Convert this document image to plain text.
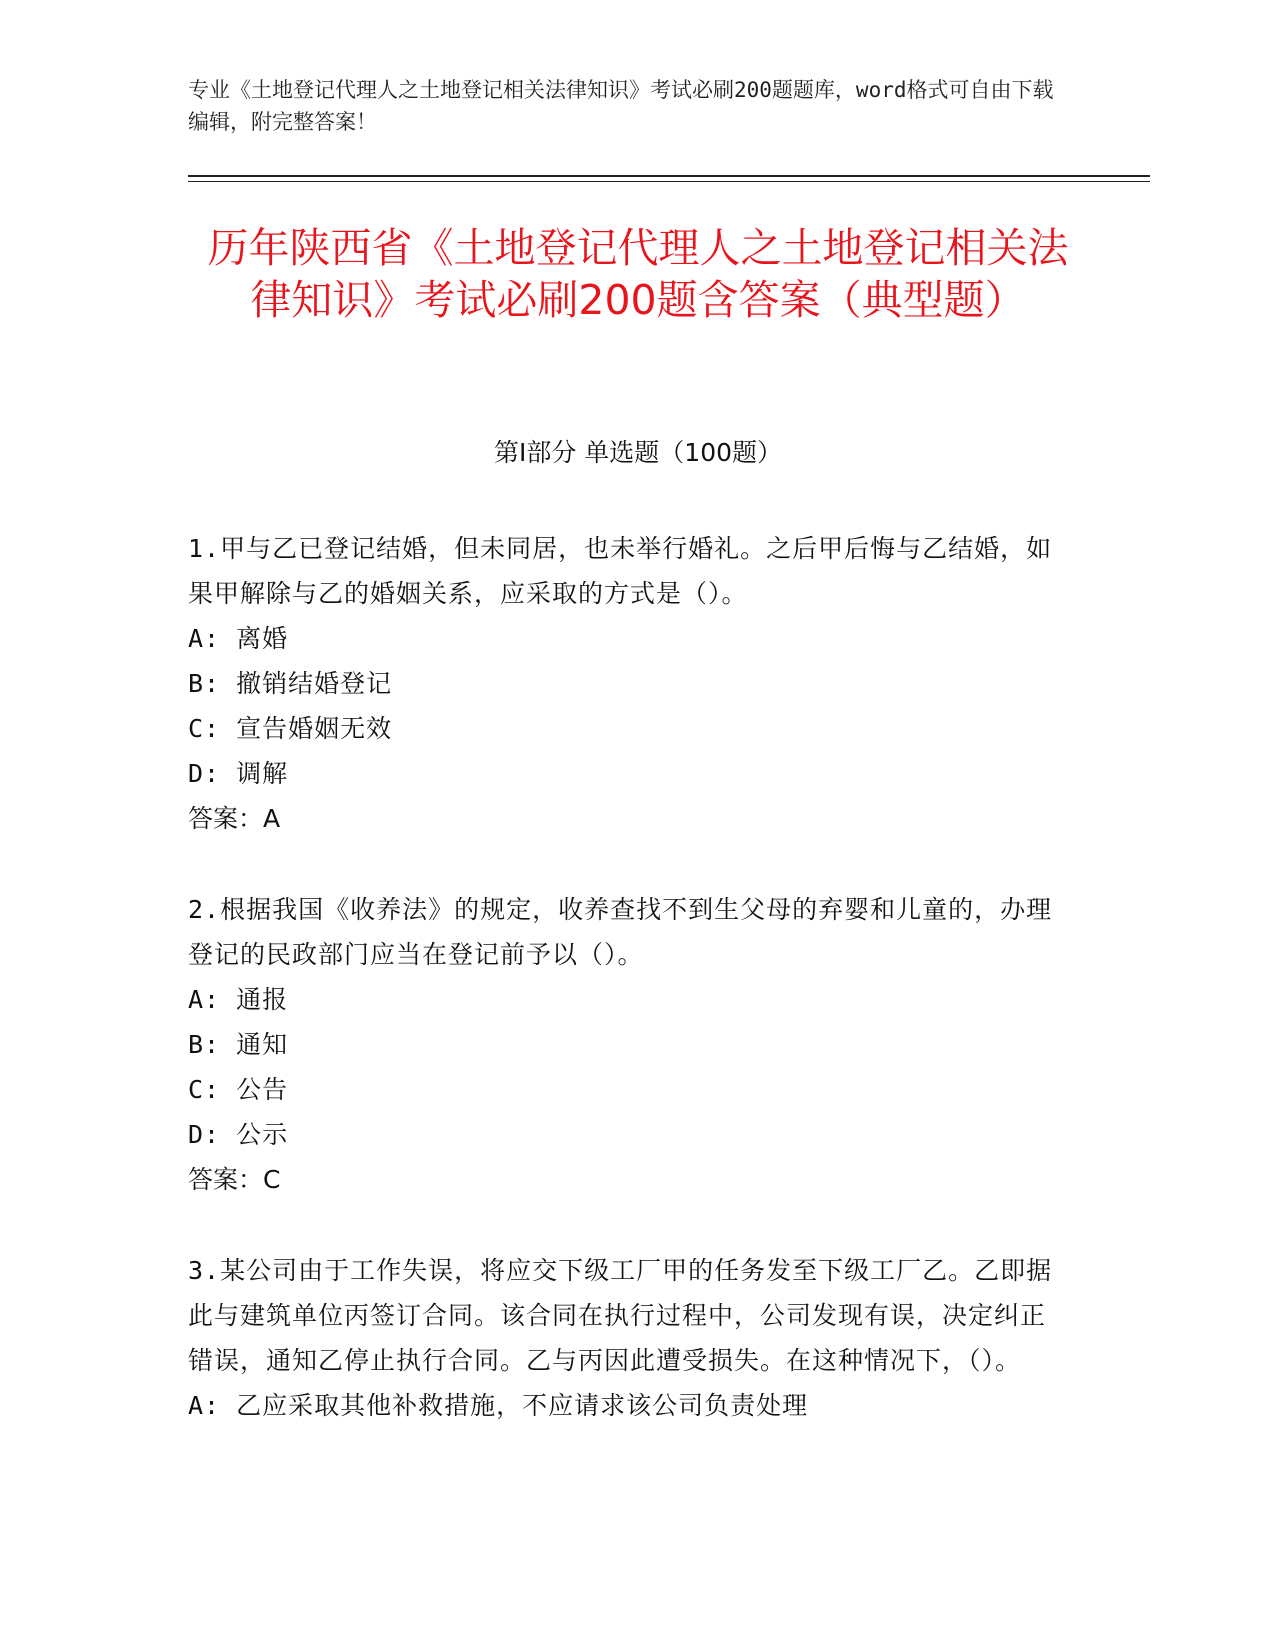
专业《土地登记代理人之土地登记相关法律知识》考试必刷200题题库，word格式可自由下载编辑，附完整答案！
历年陕西省《土地登记代理人之土地登记相关法律知识》考试必刷200题含答案（典型题）
第I部分 单选题（100题）
1.甲与乙已登记结婚，但未同居，也未举行婚礼。之后甲后悔与乙结婚，如果甲解除与乙的婚姻关系，应采取的方式是（）。
A: 离婚
B: 撤销结婚登记
C: 宣告婚姻无效
D: 调解
答案：A
2.根据我国《收养法》的规定，收养查找不到生父母的弃婴和儿童的，办理登记的民政部门应当在登记前予以（）。
A: 通报
B: 通知
C: 公告
D: 公示
答案：C
3.某公司由于工作失误，将应交下级工厂甲的任务发至下级工厂乙。乙即据此与建筑单位丙签订合同。该合同在执行过程中，公司发现有误，决定纠正错误，通知乙停止执行合同。乙与丙因此遭受损失。在这种情况下，（）。
A: 乙应采取其他补救措施，不应请求该公司负责处理
